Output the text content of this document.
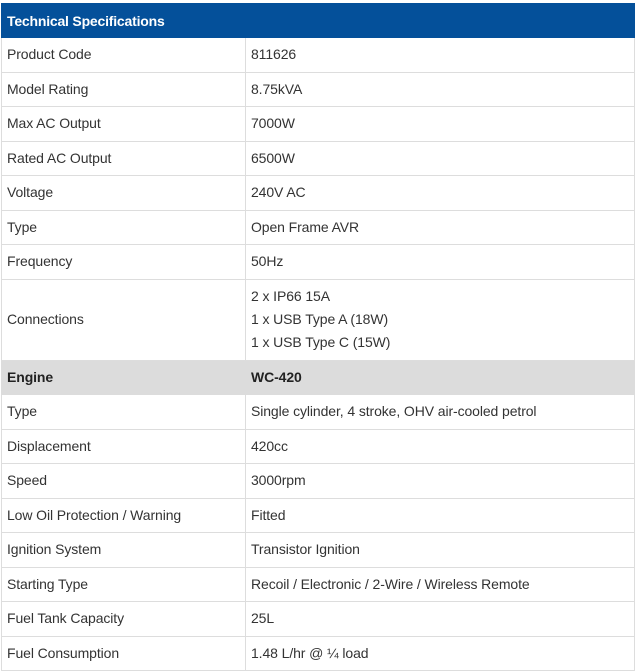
Technical Specifications	
Product Code	811626
Model Rating	8.75kVA
Max AC Output	7000W
Rated AC Output	6500W
Voltage	240V AC
Type	Open Frame AVR
Frequency	50Hz
Connections	2 x IP66 15A
1 x USB Type A (18W)
1 x USB Type C (15W)

Engine	WC-420
Type	Single cylinder, 4 stroke, OHV air-cooled petrol
Displacement	420cc
Speed	3000rpm
Low Oil Protection / Warning	Fitted
Ignition System	Transistor Ignition
Starting Type	Recoil / Electronic / 2-Wire / Wireless Remote
Fuel Tank Capacity	25L
Fuel Consumption	1.48 L/hr @ ¼ load
